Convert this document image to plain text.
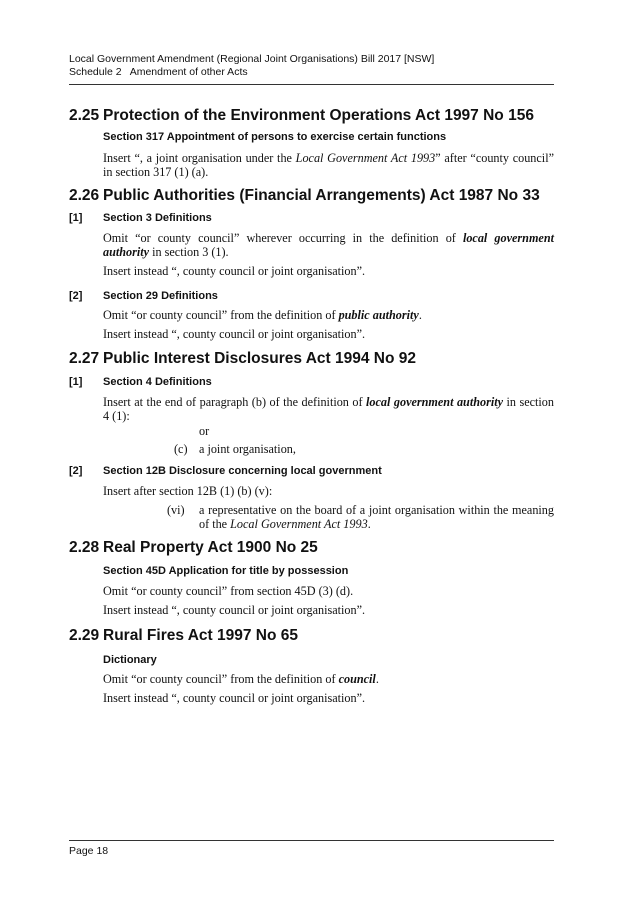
Local Government Amendment (Regional Joint Organisations) Bill 2017 [NSW]
Schedule 2   Amendment of other Acts
2.25 Protection of the Environment Operations Act 1997 No 156
Section 317 Appointment of persons to exercise certain functions
Insert “, a joint organisation under the Local Government Act 1993” after “county council” in section 317 (1) (a).
2.26 Public Authorities (Financial Arrangements) Act 1987 No 33
[1] Section 3 Definitions
Omit “or county council” wherever occurring in the definition of local government authority in section 3 (1).
Insert instead “, county council or joint organisation”.
[2] Section 29 Definitions
Omit “or county council” from the definition of public authority.
Insert instead “, county council or joint organisation”.
2.27 Public Interest Disclosures Act 1994 No 92
[1] Section 4 Definitions
Insert at the end of paragraph (b) of the definition of local government authority in section 4 (1):
or
(c) a joint organisation,
[2] Section 12B Disclosure concerning local government
Insert after section 12B (1) (b) (v):
(vi) a representative on the board of a joint organisation within the meaning of the Local Government Act 1993.
2.28 Real Property Act 1900 No 25
Section 45D Application for title by possession
Omit “or county council” from section 45D (3) (d).
Insert instead “, county council or joint organisation”.
2.29 Rural Fires Act 1997 No 65
Dictionary
Omit “or county council” from the definition of council.
Insert instead “, county council or joint organisation”.
Page 18
